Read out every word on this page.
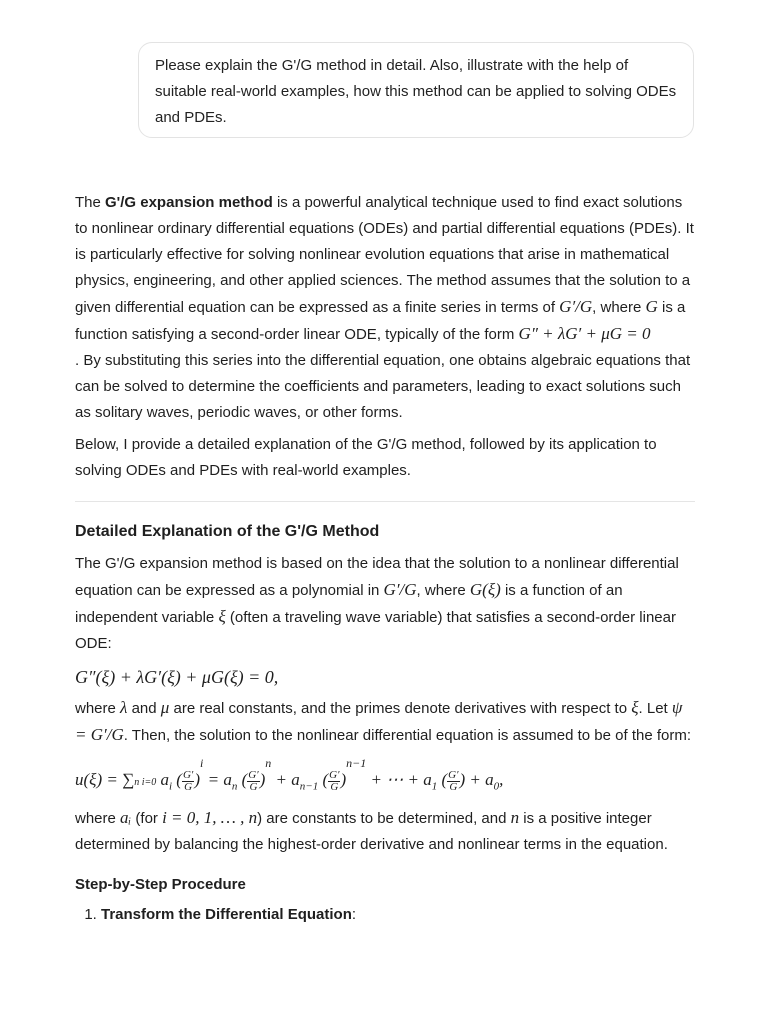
Please explain the G'/G method in detail. Also, illustrate with the help of suitable real-world examples, how this method can be applied to solving ODEs and PDEs.

The G'/G expansion method is a powerful analytical technique used to find exact solutions to nonlinear ordinary differential equations (ODEs) and partial differential equations (PDEs). It is particularly effective for solving nonlinear evolution equations that arise in mathematical physics, engineering, and other applied sciences. The method assumes that the solution to a given differential equation can be expressed as a finite series in terms of G′/G, where G is a function satisfying a second-order linear ODE, typically of the form G″ + λG′ + μG = 0
. By substituting this series into the differential equation, one obtains algebraic equations that can be solved to determine the coefficients and parameters, leading to exact solutions such as solitary waves, periodic waves, or other forms.

Below, I provide a detailed explanation of the G'/G method, followed by its application to solving ODEs and PDEs with real-world examples.

Detailed Explanation of the G'/G Method

The G'/G expansion method is based on the idea that the solution to a nonlinear differential equation can be expressed as a polynomial in G′/G, where G(ξ) is a function of an independent variable ξ (often a traveling wave variable) that satisfies a second-order linear ODE:

G″(ξ) + λG′(ξ) + μG(ξ) = 0,

where λ and μ are real constants, and the primes denote derivatives with respect to ξ. Let ψ = G′/G. Then, the solution to the nonlinear differential equation is assumed to be of the form:

u(ξ) = ∑n i=0 $a_i$ ( $\frac{G'}{G} )^i = a_n$ ( $\frac{G'}{G} )^n + a_{n-1}$ ( $\frac{G'}{G} )^{n-1}$ + ⋯ + $a_1$ ( $\frac{G'}{G}$ ) + $a_0$,

where aᵢ (for i = 0, 1, … , n) are constants to be determined, and n is a positive integer determined by balancing the highest-order derivative and nonlinear terms in the equation.

Step-by-Step Procedure
1. Transform the Differential Equation:
